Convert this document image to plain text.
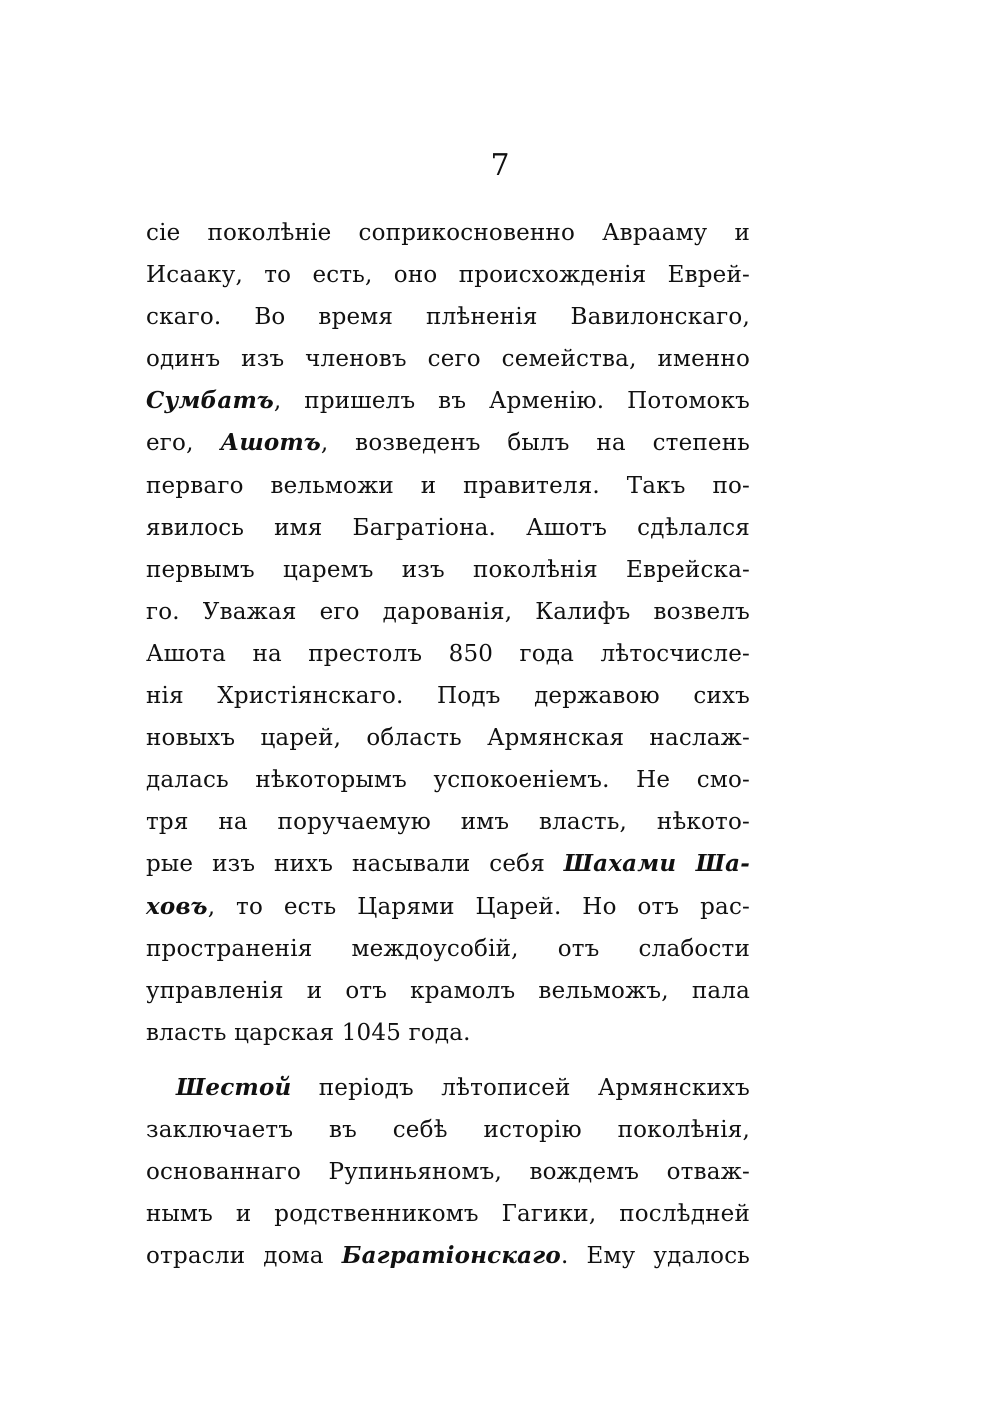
7
сіе поколѣніе соприкосновенно Аврааму и
Исааку, то есть, оно происхожденія Еврей-
скаго. Во время плѣненія Вавилонскаго,
одинъ изъ членовъ сего семейства, именно
Сумбатъ, пришелъ въ Арменію. Потомокъ
его, Ашотъ, возведенъ былъ на степень
перваго вельможи и правителя. Такъ по-
явилось имя Багратіона. Ашотъ сдѣлался
первымъ царемъ изъ поколѣнія Еврейска-
го. Уважая его дарованія, Калифъ возвелъ
Ашота на престолъ 850 года лѣтосчисле-
нія Христіянскаго. Подъ державою сихъ
новыхъ царей, область Армянская наслаж-
далась нѣкоторымъ успокоеніемъ. Не смо-
тря на поручаемую имъ власть, нѣкото-
рые изъ нихъ насывали себя Шахами Ша-
ховъ, то есть Царями Царей. Но отъ рас-
пространенія междоусобій, отъ слабости
управленія и отъ крамолъ вельможъ, пала
власть царская 1045 года.
Шестой періодъ лѣтописей Армянскихъ
заключаетъ въ себѣ исторію поколѣнія,
основаннаго Рупиньяномъ, вождемъ отваж-
нымъ и родственникомъ Гагики, послѣдней
отрасли дома Багратіонскаго. Ему удалось
